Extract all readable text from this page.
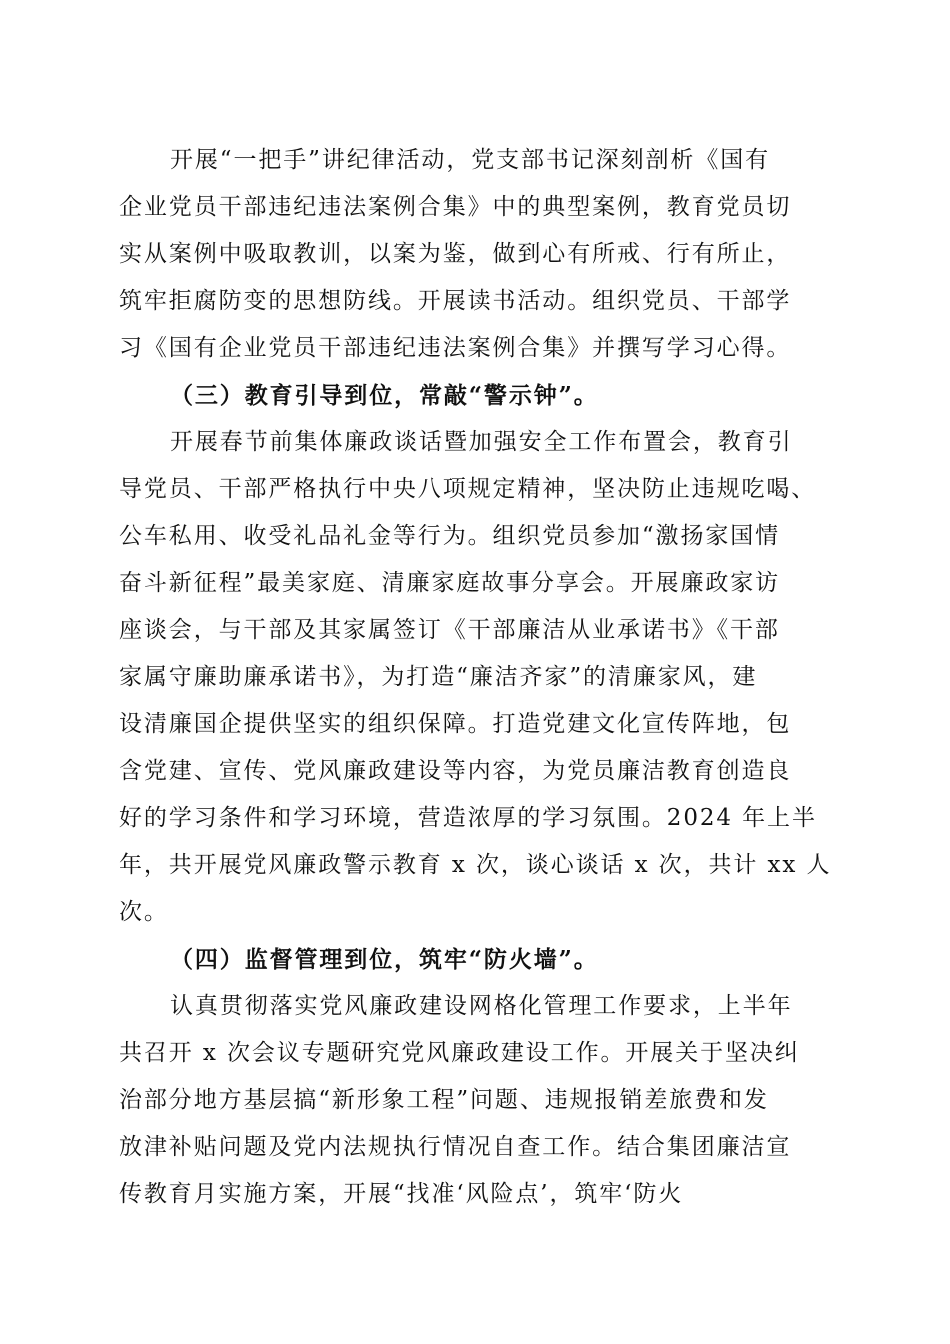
开展“一把手”讲纪律活动，党支部书记深刻剖析《国有
企业党员干部违纪违法案例合集》中的典型案例，教育党员切
实从案例中吸取教训，以案为鉴，做到心有所戒、行有所止，
筑牢拒腐防变的思想防线。开展读书活动。组织党员、干部学
习《国有企业党员干部违纪违法案例合集》并撰写学习心得。
（三）教育引导到位，常敲“警示钟”。
开展春节前集体廉政谈话暨加强安全工作布置会，教育引
导党员、干部严格执行中央八项规定精神，坚决防止违规吃喝、
公车私用、收受礼品礼金等行为。组织党员参加“激扬家国情
奋斗新征程”最美家庭、清廉家庭故事分享会。开展廉政家访
座谈会，与干部及其家属签订《干部廉洁从业承诺书》《干部
家属守廉助廉承诺书》，为打造“廉洁齐家”的清廉家风，建
设清廉国企提供坚实的组织保障。打造党建文化宣传阵地，包
含党建、宣传、党风廉政建设等内容，为党员廉洁教育创造良
好的学习条件和学习环境，营造浓厚的学习氛围。2024 年上半
年，共开展党风廉政警示教育 x 次，谈心谈话 x 次，共计 xx 人
次。
（四）监督管理到位，筑牢“防火墙”。
认真贯彻落实党风廉政建设网格化管理工作要求，上半年
共召开 x 次会议专题研究党风廉政建设工作。开展关于坚决纠
治部分地方基层搞“新形象工程”问题、违规报销差旅费和发
放津补贴问题及党内法规执行情况自查工作。结合集团廉洁宣
传教育月实施方案，开展“找准‘风险点’，筑牢‘防火
